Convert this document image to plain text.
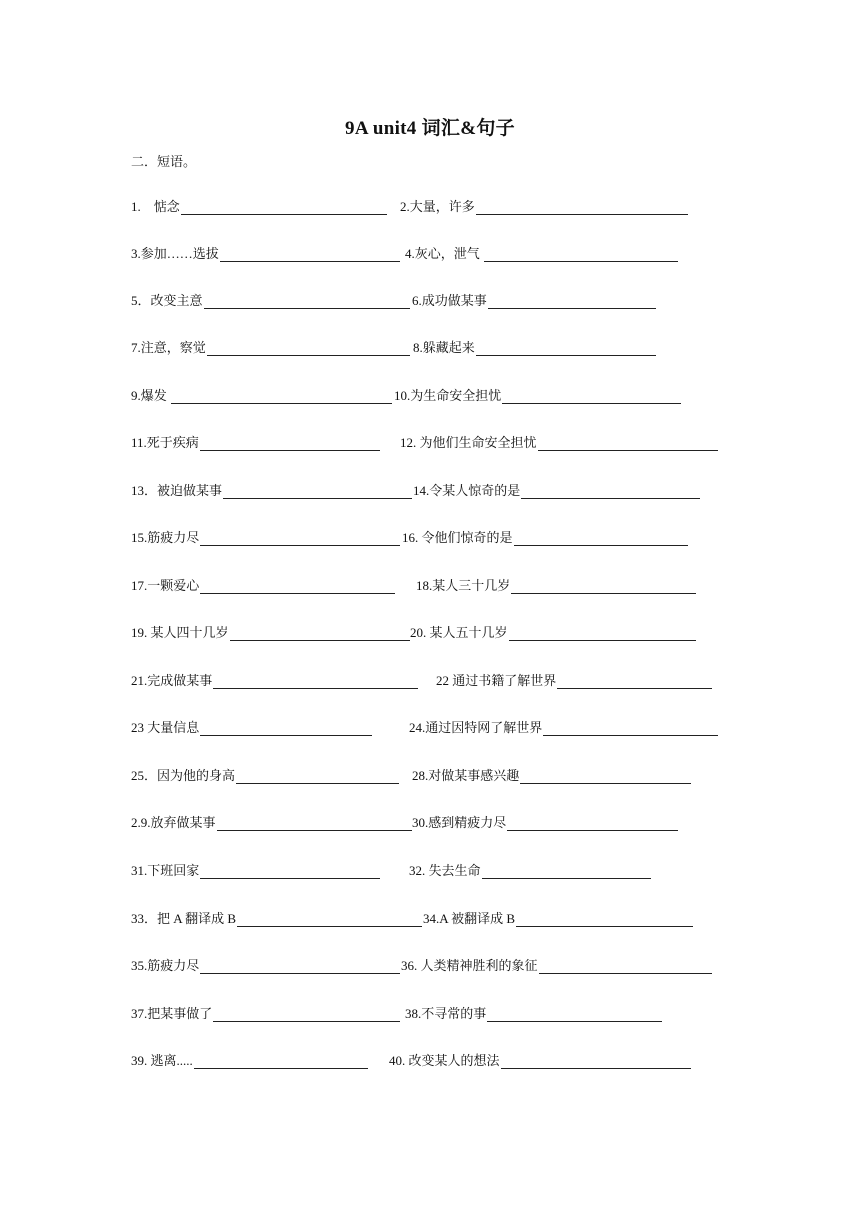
9A unit4 词汇&句子
二．短语。
1.    惦念	2.大量，许多
3.参加……选拔	4.灰心，泄气
5．改变主意	6.成功做某事
7.注意，察觉	8.躲藏起来
9.爆发	10.为生命安全担忧
11.死于疾病	12. 为他们生命安全担忧
13．被迫做某事	14.令某人惊奇的是
15.筋疲力尽	16. 令他们惊奇的是
17.一颗爱心	18.某人三十几岁
19. 某人四十几岁	20. 某人五十几岁
21.完成做某事	22 通过书籍了解世界
23 大量信息	24.通过因特网了解世界
25．因为他的身高	28.对做某事感兴趣
2.9.放弃做某事	30.感到精疲力尽
31.下班回家	32. 失去生命
33．把 A 翻译成 B	34.A 被翻译成 B
35.筋疲力尽	36. 人类精神胜利的象征
37.把某事做了	38.不寻常的事
39. 逃离.....	40. 改变某人的想法
